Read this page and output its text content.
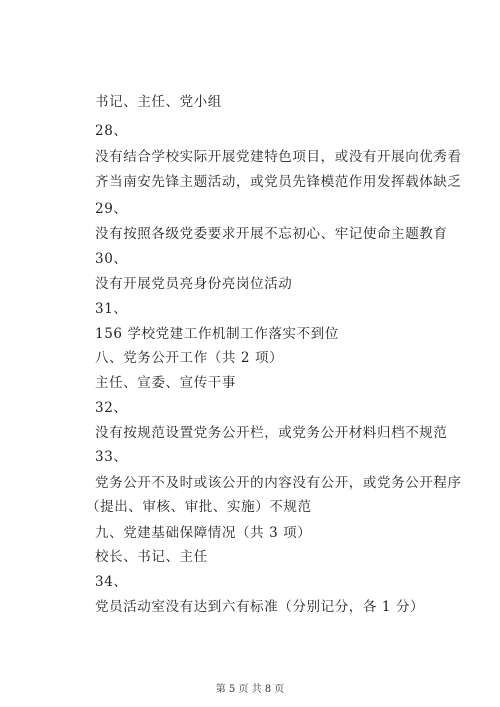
书记、主任、党小组
28、
没有结合学校实际开展党建特色项目，或没有开展向优秀看
齐当南安先锋主题活动，或党员先锋模范作用发挥载体缺乏
29、
没有按照各级党委要求开展不忘初心、牢记使命主题教育
30、
没有开展党员亮身份亮岗位活动
31、
156 学校党建工作机制工作落实不到位
八、党务公开工作（共 2 项）
主任、宣委、宣传干事
32、
没有按规范设置党务公开栏，或党务公开材料归档不规范
33、
党务公开不及时或该公开的内容没有公开，或党务公开程序
（提出、审核、审批、实施）不规范
九、党建基础保障情况（共 3 项）
校长、书记、主任
34、
党员活动室没有达到六有标准（分别记分，各 1 分）
第 5 页 共 8 页
